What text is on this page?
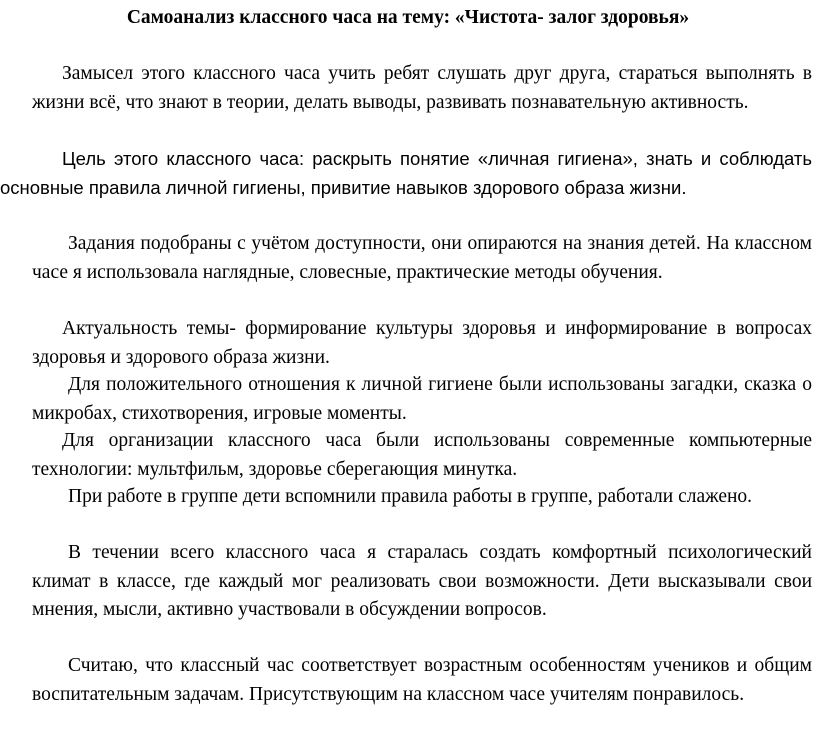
Самоанализ классного часа на тему: «Чистота- залог здоровья»

Замысел этого классного часа учить ребят слушать друг друга, стараться выполнять в жизни всё, что знают в теории, делать выводы, развивать познавательную активность.

Цель этого классного часа: раскрыть понятие «личная гигиена», знать и соблюдать основные правила личной гигиены, привитие навыков здорового образа жизни.

Задания подобраны с учётом доступности, они опираются на знания детей. На классном часе я использовала наглядные, словесные, практические методы обучения.

Актуальность темы- формирование культуры здоровья и информирование в вопросах здоровья и здорового образа жизни.

Для положительного отношения к личной гигиене были использованы загадки, сказка о микробах, стихотворения, игровые моменты.

Для организации классного часа были использованы современные компьютерные технологии: мультфильм, здоровье сберегающия минутка.

При работе в группе дети вспомнили правила работы в группе, работали слажено.

В течении всего классного часа я старалась создать комфортный психологический климат в классе, где каждый мог реализовать свои возможности. Дети высказывали свои мнения, мысли, активно участвовали в обсуждении вопросов.

Считаю, что классный час соответствует возрастным особенностям учеников и общим воспитательным задачам. Присутствующим на классном часе учителям понравилось.
